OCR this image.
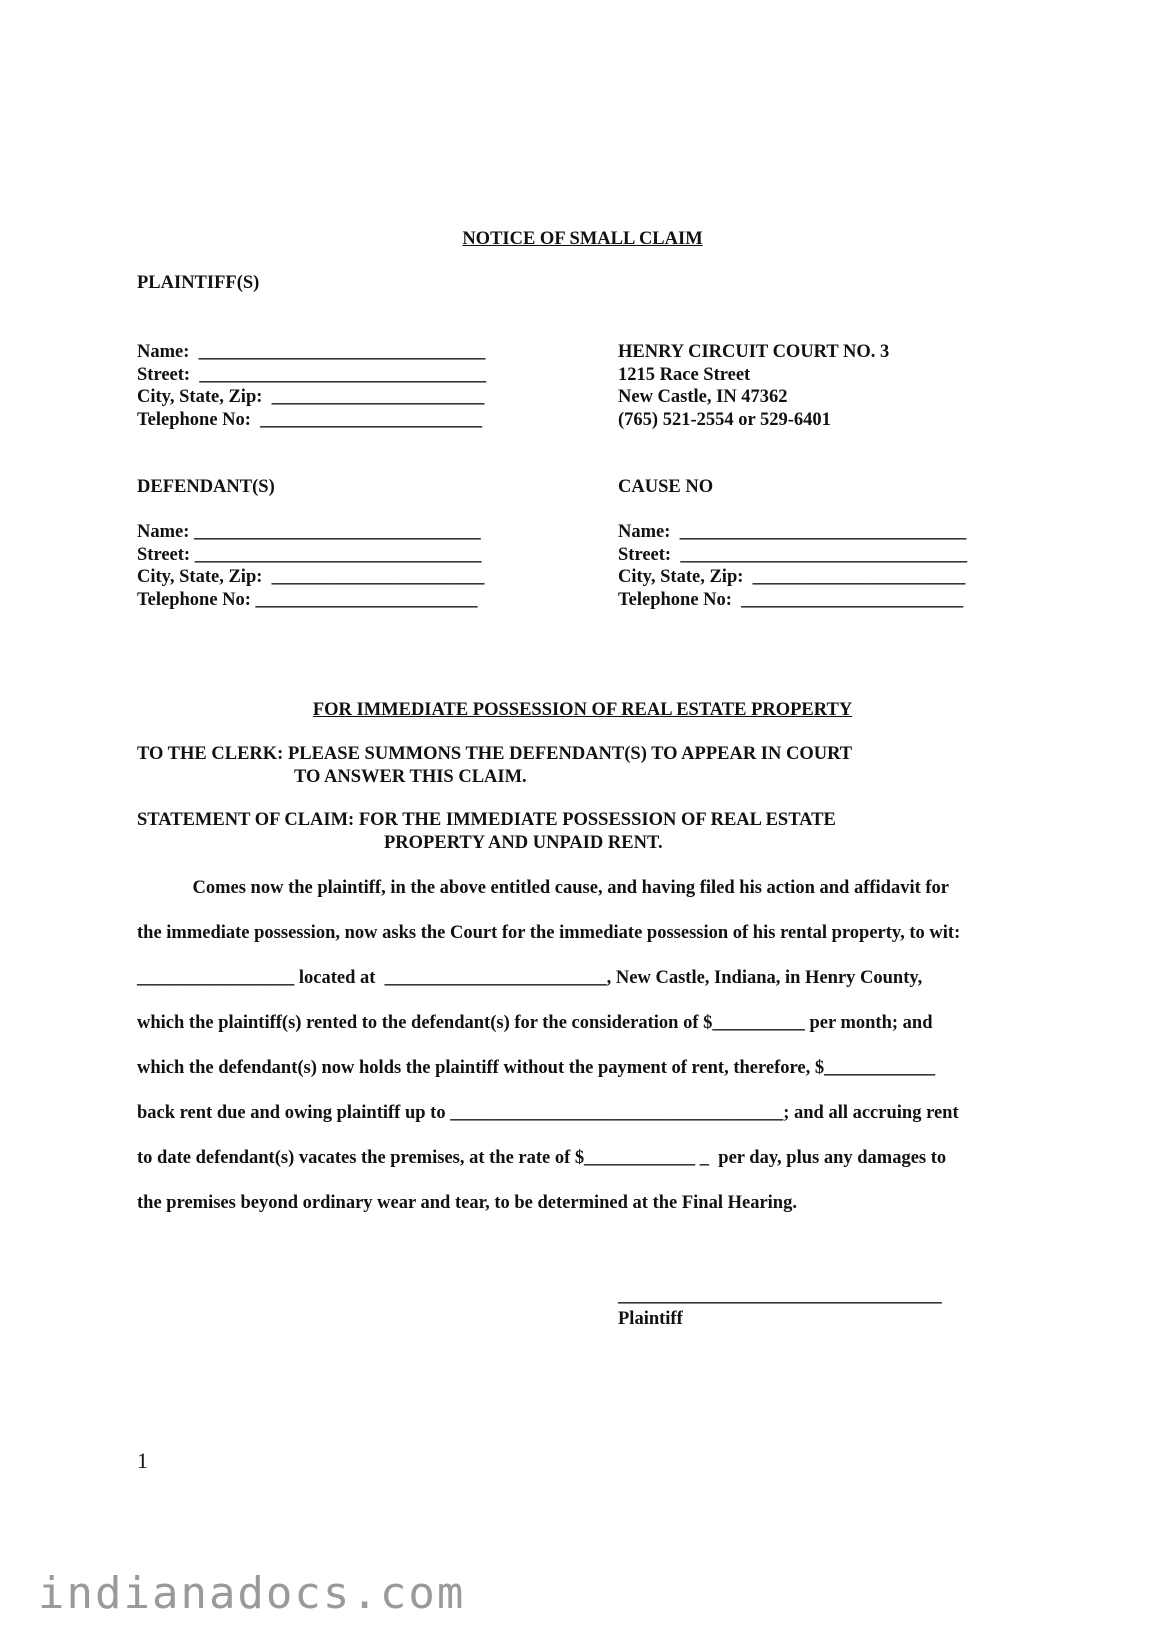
NOTICE OF SMALL CLAIM
PLAINTIFF(S)

Name:  _______________________________

Street:  _______________________________

City, State, Zip:  _______________________

Telephone No:  ________________________

HENRY CIRCUIT COURT NO. 3

1215 Race Street

New Castle, IN 47362

(765) 521-2554 or 529-6401

DEFENDANT(S)	CAUSE NO

Name: _______________________________

Street: _______________________________

City, State, Zip:  _______________________

Telephone No: ________________________

Name:  _______________________________

Street:  _______________________________

City, State, Zip:  _______________________

Telephone No:  ________________________

FOR IMMEDIATE POSSESSION OF REAL ESTATE PROPERTY
TO THE CLERK: PLEASE SUMMONS THE DEFENDANT(S) TO APPEAR IN COURT
TO ANSWER THIS CLAIM.
STATEMENT OF CLAIM: FOR THE IMMEDIATE POSSESSION OF REAL ESTATE
PROPERTY AND UNPAID RENT.
Comes now the plaintiff, in the above entitled cause, and having filed his action and affidavit for
the immediate possession, now asks the Court for the immediate possession of his rental property, to wit:
_________________ located at  ________________________, New Castle, Indiana, in Henry County,
which the plaintiff(s) rented to the defendant(s) for the consideration of $__________ per month; and
which the defendant(s) now holds the plaintiff without the payment of rent, therefore, $____________
back rent due and owing plaintiff up to ____________________________________; and all accruing rent
to date defendant(s) vacates the premises, at the rate of $____________ _  per day, plus any damages to
the premises beyond ordinary wear and tear, to be determined at the Final Hearing.
___________________________________
Plaintiff
1
indianadocs.com
